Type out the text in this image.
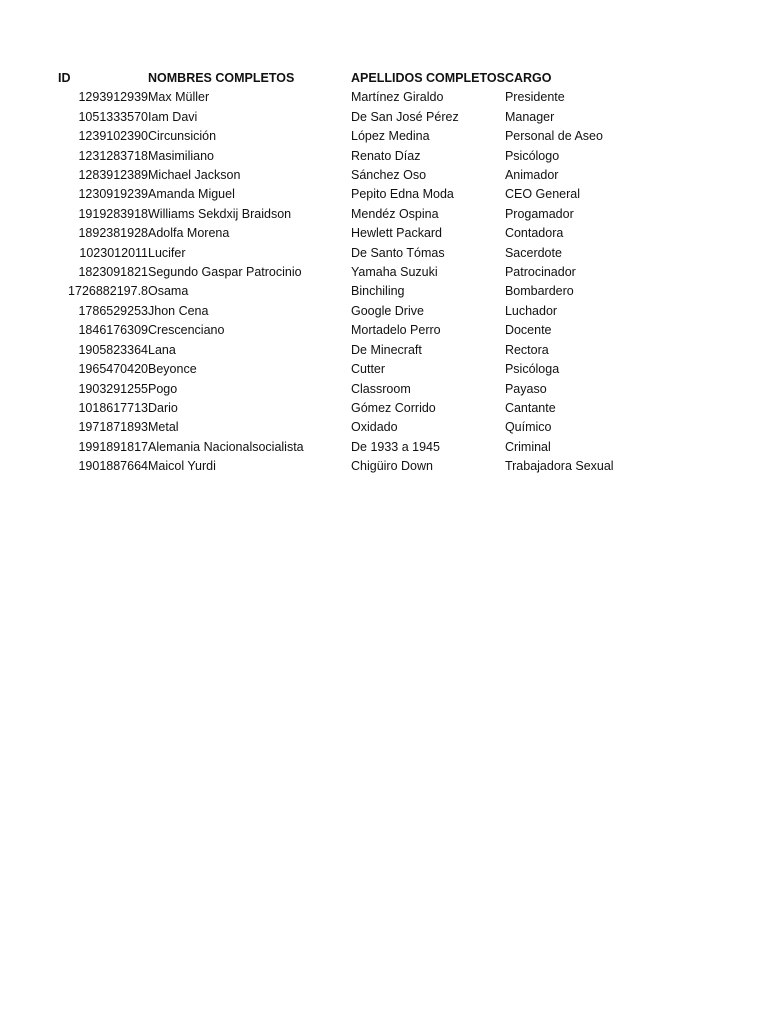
ID	NOMBRES COMPLETOS	APELLIDOS COMPLETOS	CARGO
1293912939	Max Müller	Martínez Giraldo	Presidente
1051333570	Iam Davi	De San José Pérez	Manager
1239102390	Circunsición	López Medina	Personal de Aseo
1231283718	Masimiliano	Renato Díaz	Psicólogo
1283912389	Michael Jackson	Sánchez Oso	Animador
1230919239	Amanda Miguel	Pepito Edna Moda	CEO General
1919283918	Williams Sekdxij Braidson	Mendéz Ospina	Progamador
1892381928	Adolfa Morena	Hewlett Packard	Contadora
1023012011	Lucifer	De Santo Tómas	Sacerdote
1823091821	Segundo Gaspar Patrocinio	Yamaha Suzuki	Patrocinador
1726882197.8	Osama	Binchiling	Bombardero
1786529253	Jhon Cena	Google Drive	Luchador
1846176309	Crescenciano	Mortadelo Perro	Docente
1905823364	Lana	De Minecraft	Rectora
1965470420	Beyonce	Cutter	Psicóloga
1903291255	Pogo	Classroom	Payaso
1018617713	Dario	Gómez Corrido	Cantante
1971871893	Metal	Oxidado	Químico
1991891817	Alemania Nacionalsocialista	De 1933 a 1945	Criminal
1901887664	Maicol Yurdi	Chigüiro Down	Trabajadora Sexual
